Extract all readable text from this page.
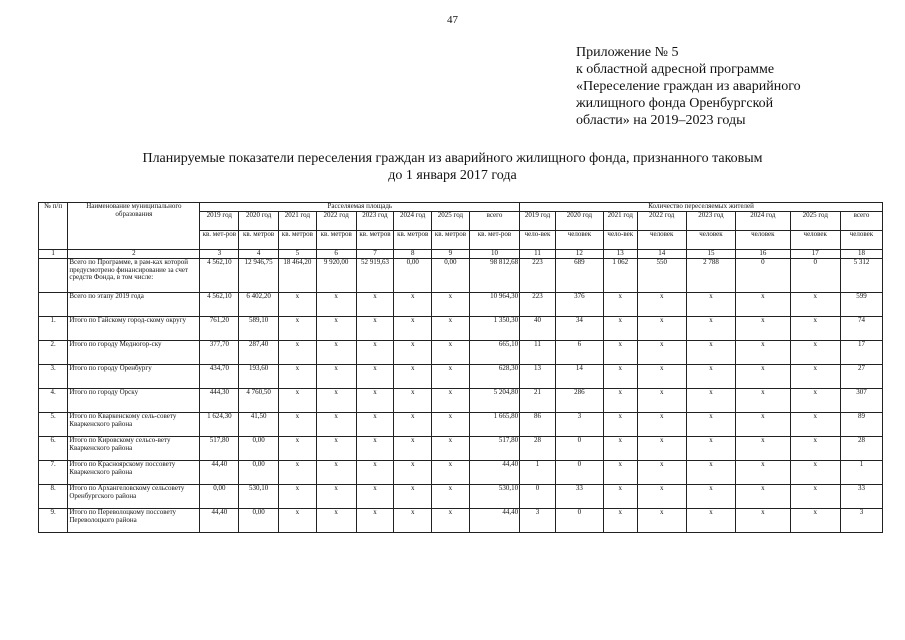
47
Приложение № 5
к областной адресной программе
«Переселение граждан из аварийного
жилищного фонда Оренбургской
области» на 2019–2023 годы
Планируемые показатели переселения граждан из аварийного жилищного фонда, признанного таковым
до 1 января 2017 года
№ п/п	Наименование муниципального образования	Расселяемая площадь								Количество переселяемых жителей							
		2019 год	2020 год	2021 год	2022 год	2023 год	2024 год	2025 год	всего	2019 год	2020 год	2021 год	2022 год	2023 год	2024 год	2025 год	всего
		кв. мет-ров	кв. метров	кв. метров	кв. метров	кв. метров	кв. метров	кв. метров	кв. мет-ров	чело-век	человек	чело-век	человек	человек	человек	человек	человек
1	2	3	4	5	6	7	8	9	10	11	12	13	14	15	16	17	18
	Всего по Программе, в рам-ках которой предусмотрено финансирование за счет средств Фонда, в том числе:	4 562,10	12 946,75	18 464,20	9 920,00	52 919,63	0,00	0,00	98 812,68	223	689	1 062	550	2 788	0	0	5 312
	Всего по этапу 2019 года	4 562,10	6 402,20	х	х	х	х	х	10 964,30	223	376	х	х	х	х	х	599
1.	Итого по Гайскому город-скому округу	761,20	589,10	х	х	х	х	х	1 350,30	40	34	х	х	х	х	х	74
2.	Итого по городу Медногор-ску	377,70	287,40	х	х	х	х	х	665,10	11	6	х	х	х	х	х	17
3.	Итого по городу Оренбургу	434,70	193,60	х	х	х	х	х	628,30	13	14	х	х	х	х	х	27
4.	Итого по городу Орску	444,30	4 760,50	х	х	х	х	х	5 204,80	21	286	х	х	х	х	х	307
5.	Итого по Кваркенскому сель-совету Кваркенского района	1 624,30	41,50	х	х	х	х	х	1 665,80	86	3	х	х	х	х	х	89
6.	Итого по Кировскому сельсо-вету Кваркенского района	517,80	0,00	х	х	х	х	х	517,80	28	0	х	х	х	х	х	28
7.	Итого по Красноярскому поссовету Кваркенского района	44,40	0,00	х	х	х	х	х	44,40	1	0	х	х	х	х	х	1
8.	Итого по Архангеловскому сельсовету Оренбургского района	0,00	530,10	х	х	х	х	х	530,10	0	33	х	х	х	х	х	33
9.	Итого по Переволоцкому поссовету Переволоцкого района	44,40	0,00	х	х	х	х	х	44,40	3	0	х	х	х	х	х	3
